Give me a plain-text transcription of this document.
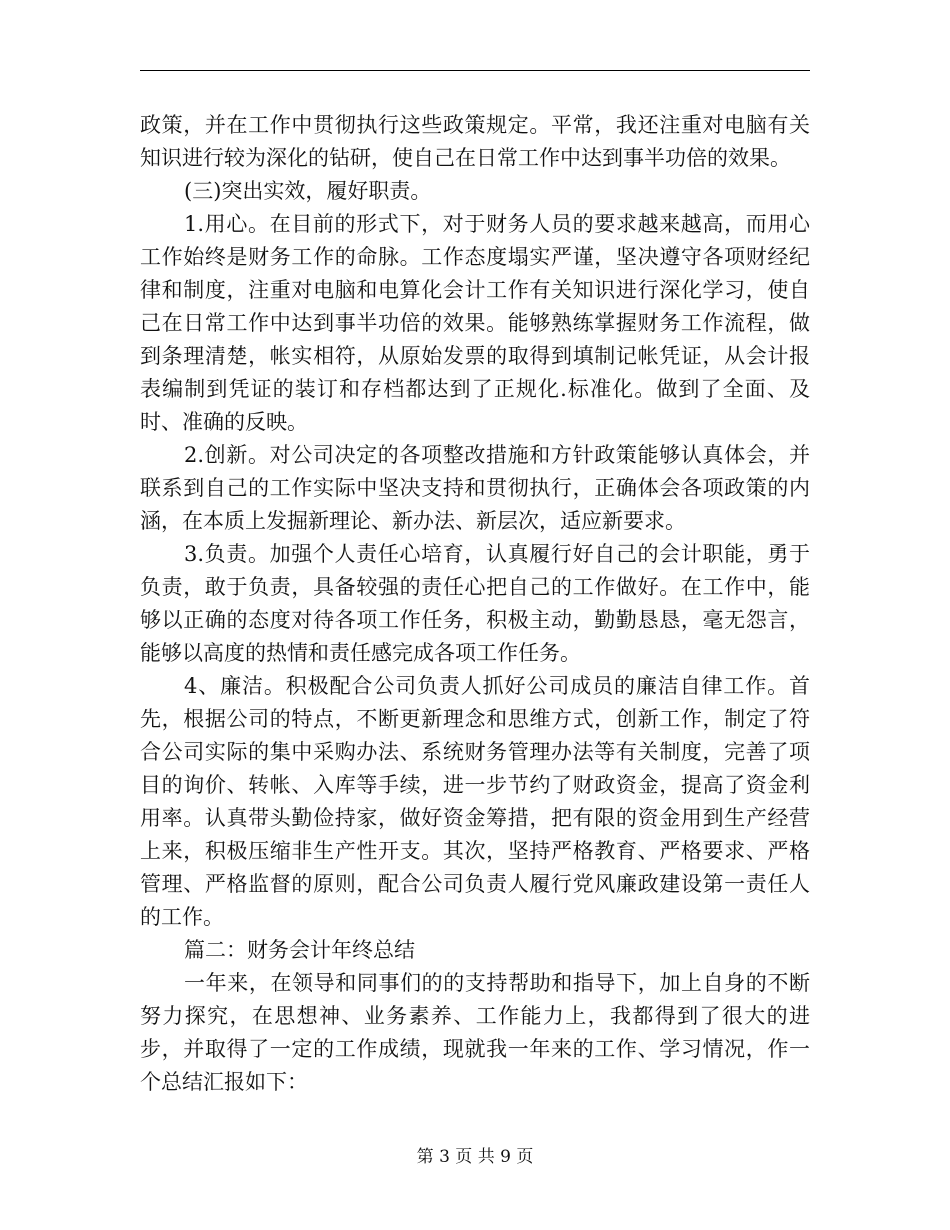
政策，并在工作中贯彻执行这些政策规定。平常，我还注重对电脑有关知识进行较为深化的钻研，使自己在日常工作中达到事半功倍的效果。

(三)突出实效，履好职责。

1.用心。在目前的形式下，对于财务人员的要求越来越高，而用心工作始终是财务工作的命脉。工作态度塌实严谨，坚决遵守各项财经纪律和制度，注重对电脑和电算化会计工作有关知识进行深化学习，使自己在日常工作中达到事半功倍的效果。能够熟练掌握财务工作流程，做到条理清楚，帐实相符，从原始发票的取得到填制记帐凭证，从会计报表编制到凭证的装订和存档都达到了正规化.标准化。做到了全面、及时、准确的反映。

2.创新。对公司决定的各项整改措施和方针政策能够认真体会，并联系到自己的工作实际中坚决支持和贯彻执行，正确体会各项政策的内涵，在本质上发掘新理论、新办法、新层次，适应新要求。

3.负责。加强个人责任心培育，认真履行好自己的会计职能，勇于负责，敢于负责，具备较强的责任心把自己的工作做好。在工作中，能够以正确的态度对待各项工作任务，积极主动，勤勤恳恳，毫无怨言，能够以高度的热情和责任感完成各项工作任务。

4、廉洁。积极配合公司负责人抓好公司成员的廉洁自律工作。首先，根据公司的特点，不断更新理念和思维方式，创新工作，制定了符合公司实际的集中采购办法、系统财务管理办法等有关制度，完善了项目的询价、转帐、入库等手续，进一步节约了财政资金，提高了资金利用率。认真带头勤俭持家，做好资金筹措，把有限的资金用到生产经营上来，积极压缩非生产性开支。其次，坚持严格教育、严格要求、严格管理、严格监督的原则，配合公司负责人履行党风廉政建设第一责任人的工作。

篇二：财务会计年终总结

一年来，在领导和同事们的的支持帮助和指导下，加上自身的不断努力探究，在思想神、业务素养、工作能力上，我都得到了很大的进步，并取得了一定的工作成绩，现就我一年来的工作、学习情况，作一个总结汇报如下：

第 3 页 共 9 页
